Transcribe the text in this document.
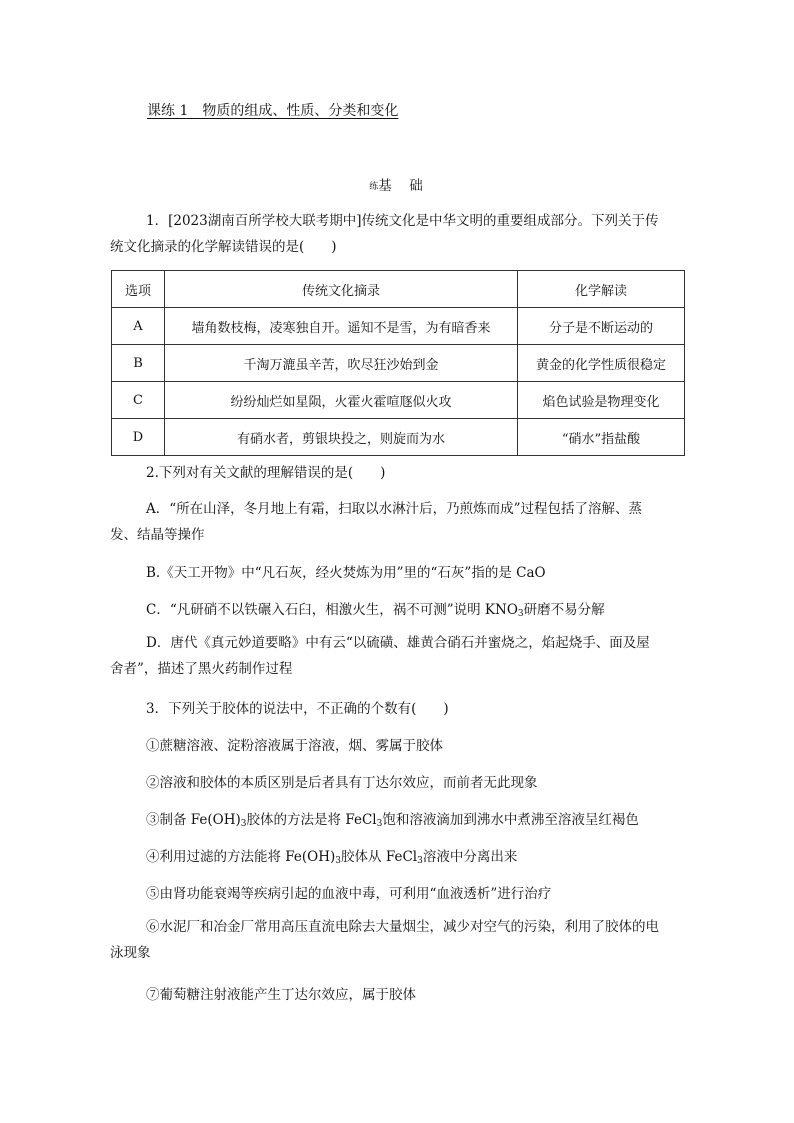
课练 1　物质的组成、性质、分类和变化
练基　础
1．[2023湖南百所学校大联考期中]传统文化是中华文明的重要组成部分。下列关于传
统文化摘录的化学解读错误的是(　　)
选项	传统文化摘录	化学解读
A	墙角数枝梅，凌寒独自开。遥知不是雪，为有暗香来	分子是不断运动的
B	千淘万漉虽辛苦，吹尽狂沙始到金	黄金的化学性质很稳定
C	纷纷灿烂如星陨，火霍火霍喧豗似火攻	焰色试验是物理变化
D	有硝水者，剪银块投之，则旋而为水	“硝水”指盐酸
2.下列对有关文献的理解错误的是(　　)
A．“所在山泽，冬月地上有霜，扫取以水淋汁后，乃煎炼而成”过程包括了溶解、蒸
发、结晶等操作
B.《天工开物》中“凡石灰，经火焚炼为用”里的“石灰”指的是 CaO
C．“凡研硝不以铁碾入石臼，相激火生，祸不可测”说明 $KNO_3$研磨不易分解
D．唐代《真元妙道要略》中有云“以硫磺、雄黄合硝石并蜜烧之，焰起烧手、面及屋
舍者”，描述了黑火药制作过程
3．下列关于胶体的说法中，不正确的个数有(　　)
①蔗糖溶液、淀粉溶液属于溶液，烟、雾属于胶体
②溶液和胶体的本质区别是后者具有丁达尔效应，而前者无此现象
③制备 $Fe(OH)_3$胶体的方法是将 FeCl$_3$饱和溶液滴加到沸水中煮沸至溶液呈红褐色
④利用过滤的方法能将 $Fe(OH)_3$胶体从 FeCl$_3$溶液中分离出来
⑤由肾功能衰竭等疾病引起的血液中毒，可利用“血液透析”进行治疗
⑥水泥厂和冶金厂常用高压直流电除去大量烟尘，减少对空气的污染，利用了胶体的电
泳现象
⑦葡萄糖注射液能产生丁达尔效应，属于胶体
